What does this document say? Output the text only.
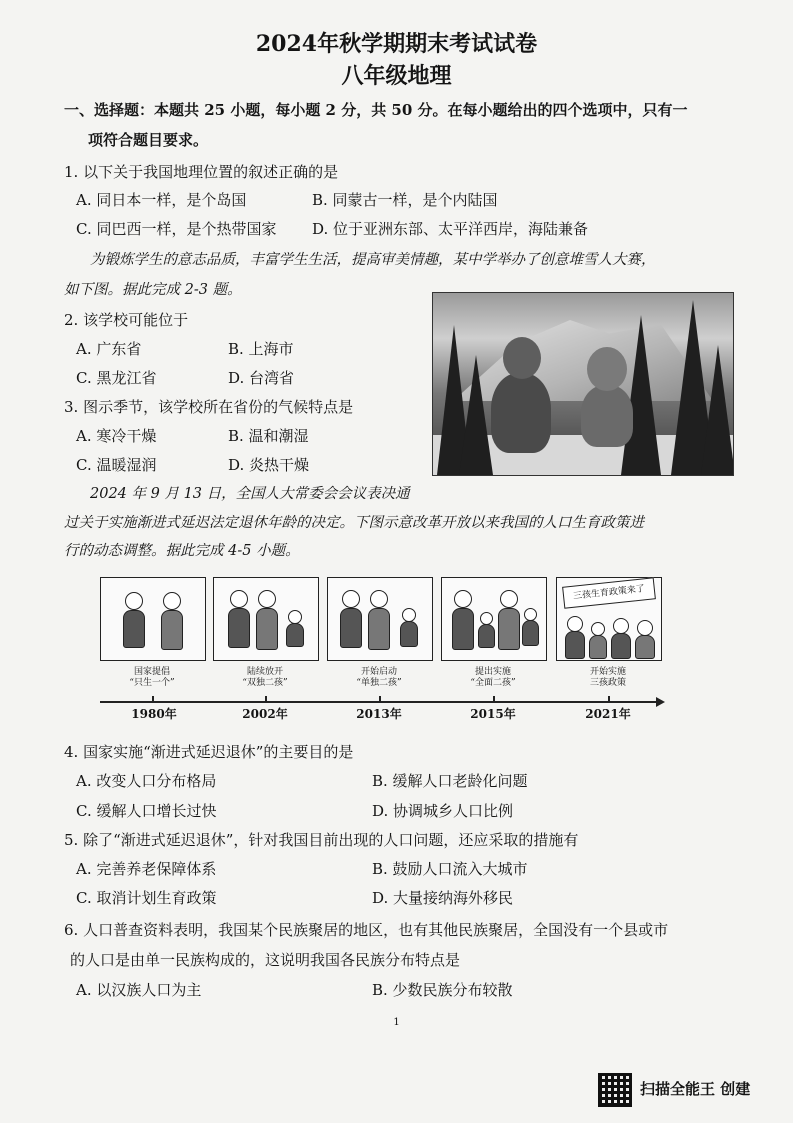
2024年秋学期期末考试试卷
八年级地理
一、选择题：本题共 25 小题，每小题 2 分，共 50 分。在每小题给出的四个选项中，只有一
项符合题目要求。
1. 以下关于我国地理位置的叙述正确的是
A. 同日本一样，是个岛国	B. 同蒙古一样，是个内陆国
C. 同巴西一样，是个热带国家 D. 位于亚洲东部、太平洋西岸，海陆兼备
为锻炼学生的意志品质，丰富学生生活，提高审美情趣，某中学举办了创意堆雪人大赛，
如下图。据此完成 2-3 题。
2. 该学校可能位于
A. 广东省	B. 上海市
C. 黑龙江省	D. 台湾省
3. 图示季节，该学校所在省份的气候特点是
A. 寒冷干燥	B. 温和潮湿
C. 温暖湿润	D. 炎热干燥
2024 年 9 月 13 日，全国人大常委会会议表决通
过关于实施渐进式延迟法定退休年龄的决定。下图示意改革开放以来我国的人口生育政策进
行的动态调整。据此完成 4-5 小题。
国家提倡
“只生一个”
1980年
陆续放开
“双独二孩”
2002年
开始启动
“单独二孩”
2013年
提出实施
“全面二孩”
2015年
三孩生育政策来了
开始实施
三孩政策
2021年
4. 国家实施“渐进式延迟退休”的主要目的是
A. 改变人口分布格局	B. 缓解人口老龄化问题
C. 缓解人口增长过快	D. 协调城乡人口比例
5. 除了“渐进式延迟退休”，针对我国目前出现的人口问题，还应采取的措施有
A. 完善养老保障体系	B. 鼓励人口流入大城市
C. 取消计划生育政策	D. 大量接纳海外移民
6. 人口普查资料表明，我国某个民族聚居的地区，也有其他民族聚居，全国没有一个县或市
的人口是由单一民族构成的，这说明我国各民族分布特点是
A. 以汉族人口为主	B. 少数民族分布较散
1
扫描全能王 创建
